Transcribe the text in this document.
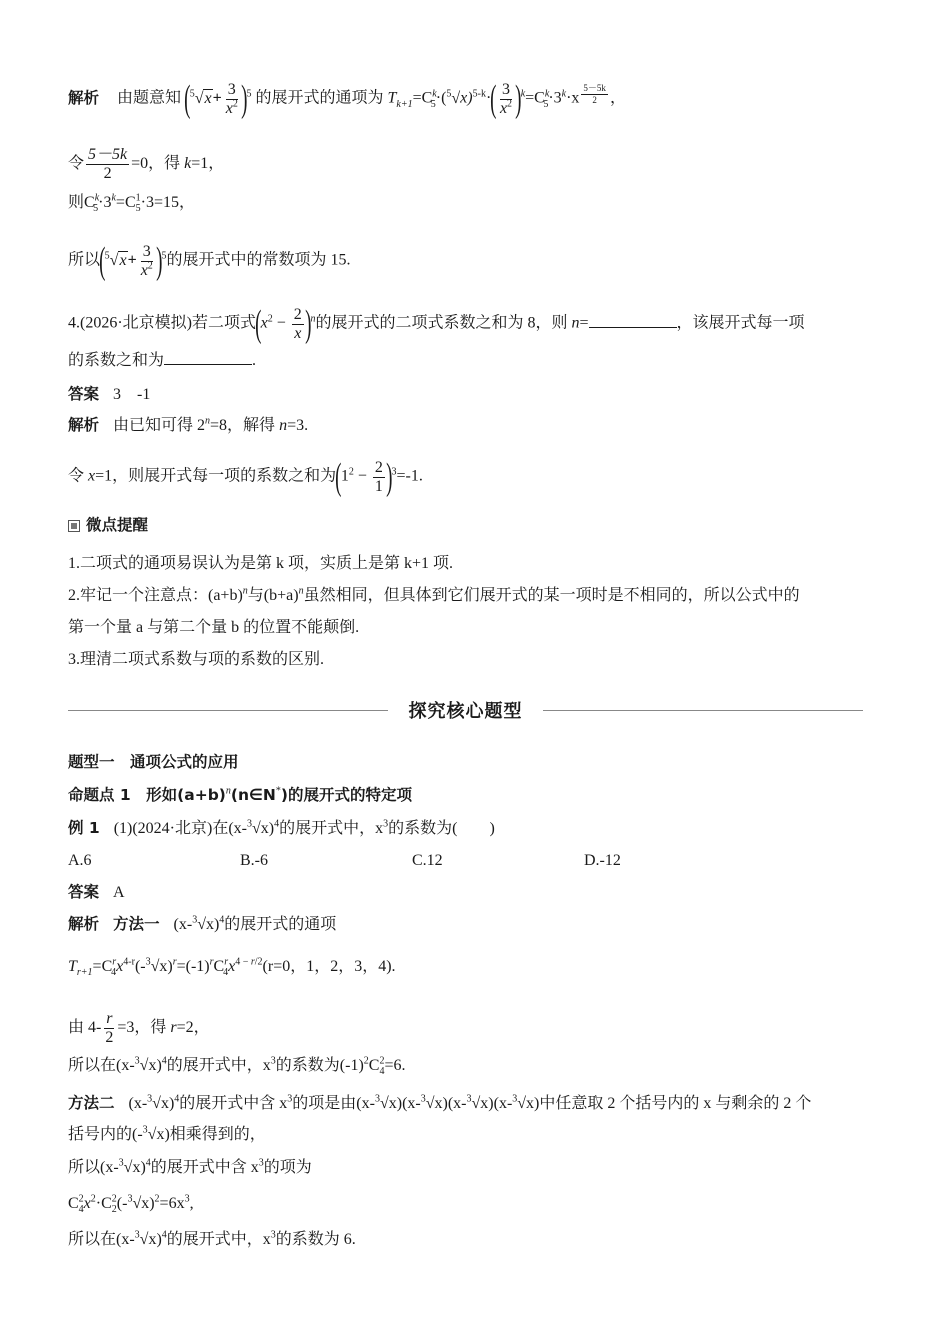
解析 由题意知 $(^5√x+ \frac{3}{x^2} )^5$ 的展开式的通项为 $T_{k+1}=C^k_5\cdot(^5√x)^{5-k}\cdot( \frac{3}{x^2} )^k=C^k_5\cdot 3^k\cdot x$ $^{\frac{5-5k}{2}}$ ，
令 $\frac{5-5k}{2} =0$，得 k=1，
则$C^k_5\cdot 3^k=C^1_5\cdot 3=15$，
所以$(^5√x+ \frac{3}{x^2} )^5$的展开式中的常数项为 15.
4.(2026·北京模拟)若二项式$(x^2 - \frac{2}{x} )^n$的展开式的二项式系数之和为 8，则 n=	，该展开式每一项
的系数之和为	.
答案 3　-1
解析 由已知可得 $2^n=8$，解得 n=3.
令 x=1，则展开式每一项的系数之和为$(1^2 - \frac{2}{1} )^3=-1$.
微点提醒
1.二项式的通项易误认为是第 k 项，实质上是第 k+1 项.
2.牢记一个注意点：$(a+b)^n$与$(b+a)^n$虽然相同，但具体到它们展开式的某一项时是不相同的，所以公式中的
第一个量 a 与第二个量 b 的位置不能颠倒.
3.理清二项式系数与项的系数的区别.
探究核心题型
题型一　通项公式的应用
命题点 1　形如$(a+b)^n(n\in N^*)$的展开式的特定项
例 1 (1)(2024·北京)在$(x-^3√x)^4$的展开式中，$x^3$的系数为(　　)
A.6	B.-6	C.12	D.-12
答案 A
解析 方法一 $(x-^3√x)^4$的展开式的通项
$T_{r+1}=C^r_4x^{4-r}(-^3√x)^r=(-1)^rC^r_4x^{4 - r/2}(r=0$，1，2，3，4).
由 $4- \frac{r}{2} =3$，得 r=2，
所以在$(x-^3√x)^4$的展开式中，$x^3$的系数为$(-1)^2C^2_4=6$.
方法二 $(x-^3√x)^4$的展开式中含 $x^3$的项是由(x-$^3$√x)(x-$^3$√x)(x-$^3$√x)(x-$^3$√x)中任意取 2 个括号内的 x 与剩余的 2 个
括号内的(-$^3$√x)相乘得到的，
所以$(x-^3√x)^4$的展开式中含 $x^3$的项为
$C^2_4x^2\cdot C^2_2(-^3√x)^2=6x^3$,
所以在$(x-^3√x)^4$的展开式中，$x^3$的系数为 6.
